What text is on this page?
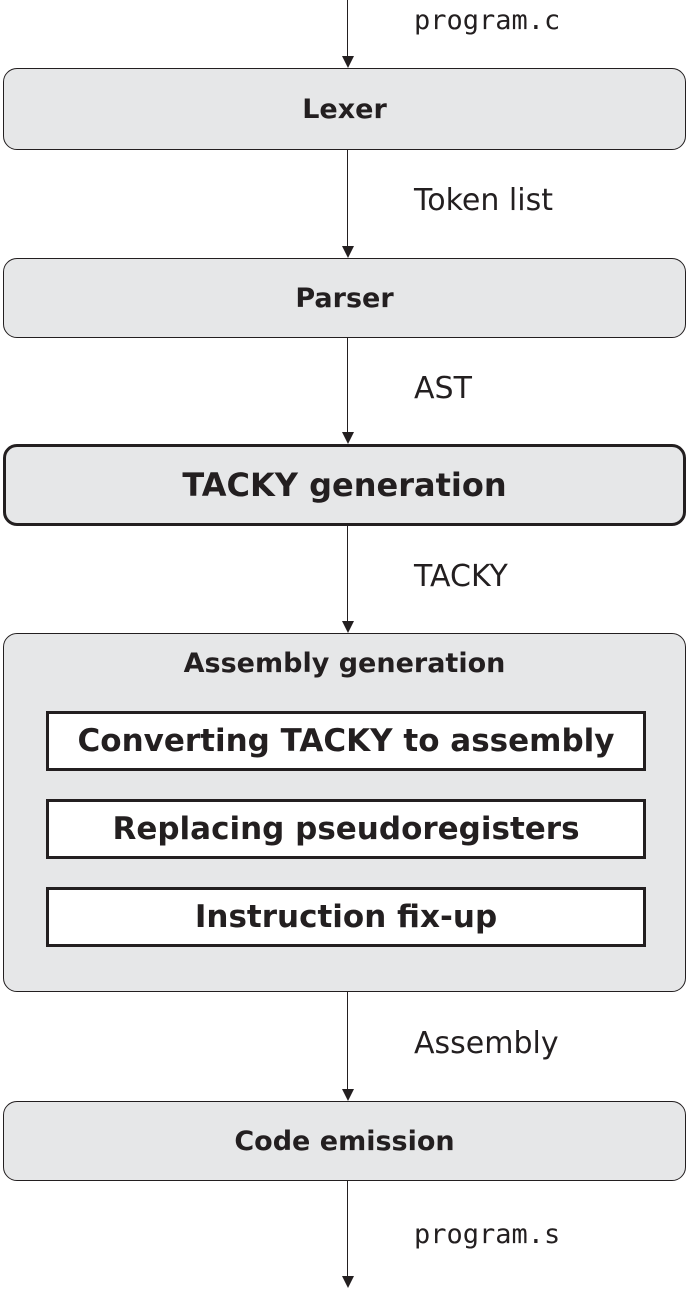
program.c
Lexer
Token list
Parser
AST
TACKY generation
TACKY
Assembly generation
Converting TACKY to assembly
Replacing pseudoregisters
Instruction fix-up
Assembly
Code emission
program.s
